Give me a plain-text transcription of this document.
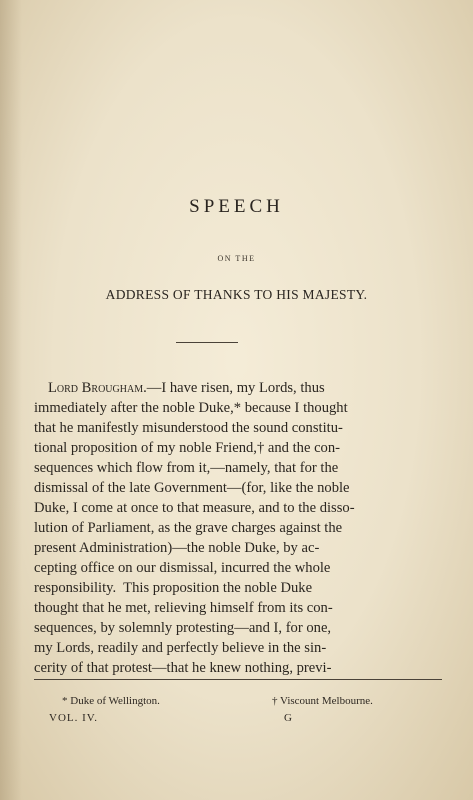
SPEECH
ON THE
ADDRESS OF THANKS TO HIS MAJESTY.
Lord Brougham.—I have risen, my Lords, thus
immediately after the noble Duke,* because I thought
that he manifestly misunderstood the sound constitu-
tional proposition of my noble Friend,† and the con-
sequences which flow from it,—namely, that for the
dismissal of the late Government—(for, like the noble
Duke, I come at once to that measure, and to the disso-
lution of Parliament, as the grave charges against the
present Administration)—the noble Duke, by ac-
cepting office on our dismissal, incurred the whole
responsibility.  This proposition the noble Duke
thought that he met, relieving himself from its con-
sequences, by solemnly protesting—and I, for one,
my Lords, readily and perfectly believe in the sin-
cerity of that protest—that he knew nothing, previ-
* Duke of Wellington.	† Viscount Melbourne.
VOL. IV.	G
